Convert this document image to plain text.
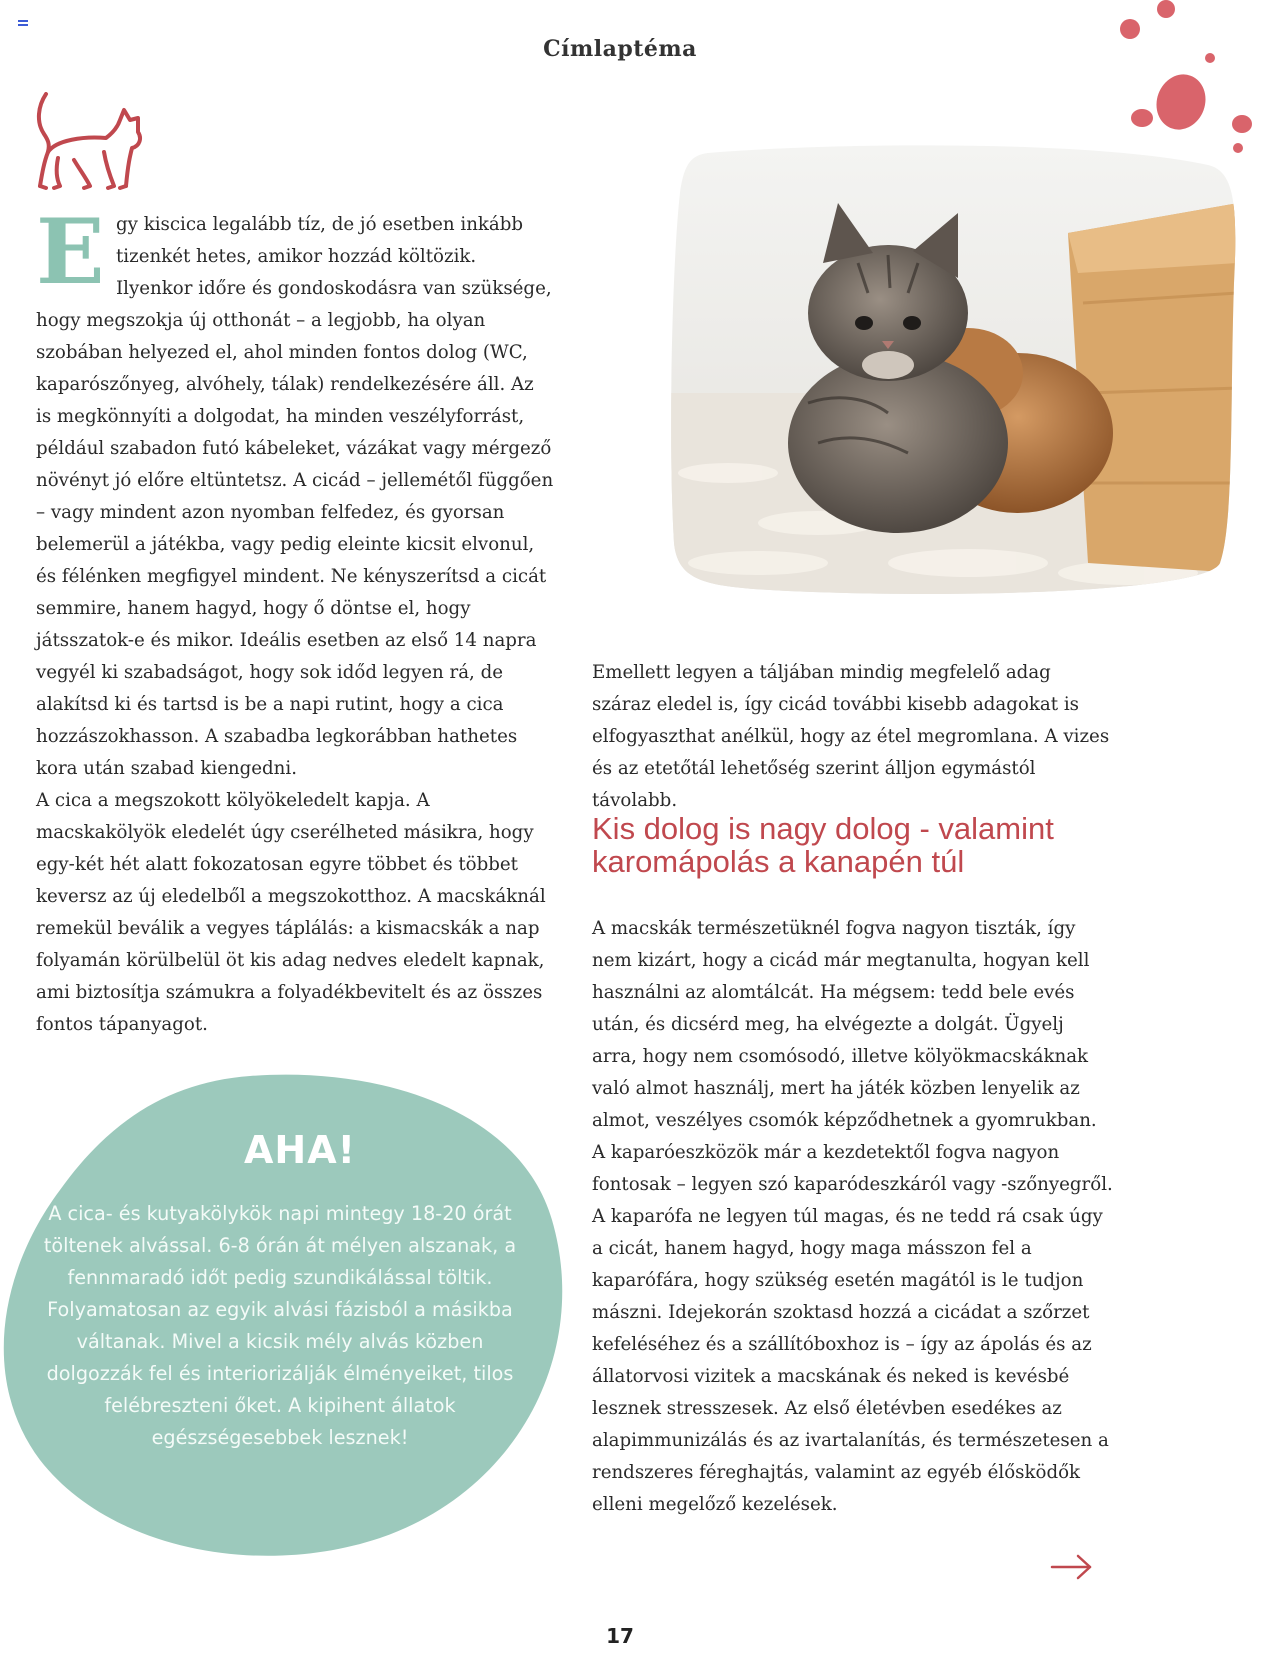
Címlaptéma
E gy kiscica legalább tíz, de jó esetben inkább tizenkét hetes, amikor hozzád költözik. Ilyenkor időre és gondoskodásra van szüksége, hogy megszokja új otthonát – a legjobb, ha olyan szobában helyezed el, ahol minden fontos dolog (WC, kaparószőnyeg, alvóhely, tálak) rendelkezésére áll. Az is megkönnyíti a dolgodat, ha minden veszélyforrást, például szabadon futó kábeleket, vázákat vagy mérgező növényt jó előre eltüntetsz. A cicád – jellemétől függően – vagy mindent azon nyomban felfedez, és gyorsan belemerül a játékba, vagy pedig eleinte kicsit elvonul, és félénken megfigyel mindent. Ne kényszerítsd a cicát semmire, hanem hagyd, hogy ő döntse el, hogy játsszatok-e és mikor. Ideális esetben az első 14 napra vegyél ki szabadságot, hogy sok időd legyen rá, de alakítsd ki és tartsd is be a napi rutint, hogy a cica hozzászokhasson. A szabadba legkorábban hathetes kora után szabad kiengedni.

A cica a megszokott kölyökeledelt kapja. A macskakölyök eledelét úgy cserélheted másikra, hogy egy-két hét alatt fokozatosan egyre többet és többet keversz az új eledelből a megszokotthoz. A macskáknál remekül beválik a vegyes táplálás: a kismacskák a nap folyamán körülbelül öt kis adag nedves eledelt kapnak, ami biztosítja számukra a folyadékbevitelt és az összes fontos tápanyagot.

Emellett legyen a táljában mindig megfelelő adag száraz eledel is, így cicád további kisebb adagokat is elfogyaszthat anélkül, hogy az étel megromlana. A vizes és az etetőtál lehetőség szerint álljon egymástól távolabb.

Kis dolog is nagy dolog - valamint karomápolás a kanapén túl

A macskák természetüknél fogva nagyon tiszták, így nem kizárt, hogy a cicád már megtanulta, hogyan kell használni az alomtálcát. Ha mégsem: tedd bele evés után, és dicsérd meg, ha elvégezte a dolgát. Ügyelj arra, hogy nem csomósodó, illetve kölyökmacskáknak való almot használj, mert ha játék közben lenyelik az almot, veszélyes csomók képződhetnek a gyomrukban. A kaparóeszközök már a kezdetektől fogva nagyon fontosak – legyen szó kaparódeszkáról vagy -szőnyegről. A kaparófa ne legyen túl magas, és ne tedd rá csak úgy a cicát, hanem hagyd, hogy maga másszon fel a kaparófára, hogy szükség esetén magától is le tudjon mászni. Idejekorán szoktasd hozzá a cicádat a szőrzet kefeléséhez és a szállítóboxhoz is – így az ápolás és az állatorvosi vizitek a macskának és neked is kevésbé lesznek stresszesek. Az első életévben esedékes az alapimmunizálás és az ivartalanítás, és természetesen a rendszeres féreghajtás, valamint az egyéb élősködők elleni megelőző kezelések.

AHA!

A cica- és kutyakölykök napi mintegy 18-20 órát töltenek alvással. 6-8 órán át mélyen alszanak, a fennmaradó időt pedig szundikálással töltik. Folyamatosan az egyik alvási fázisból a másikba váltanak. Mivel a kicsik mély alvás közben dolgozzák fel és interiorizálják élményeiket, tilos felébreszteni őket. A kipihent állatok egészségesebbek lesznek!

17
